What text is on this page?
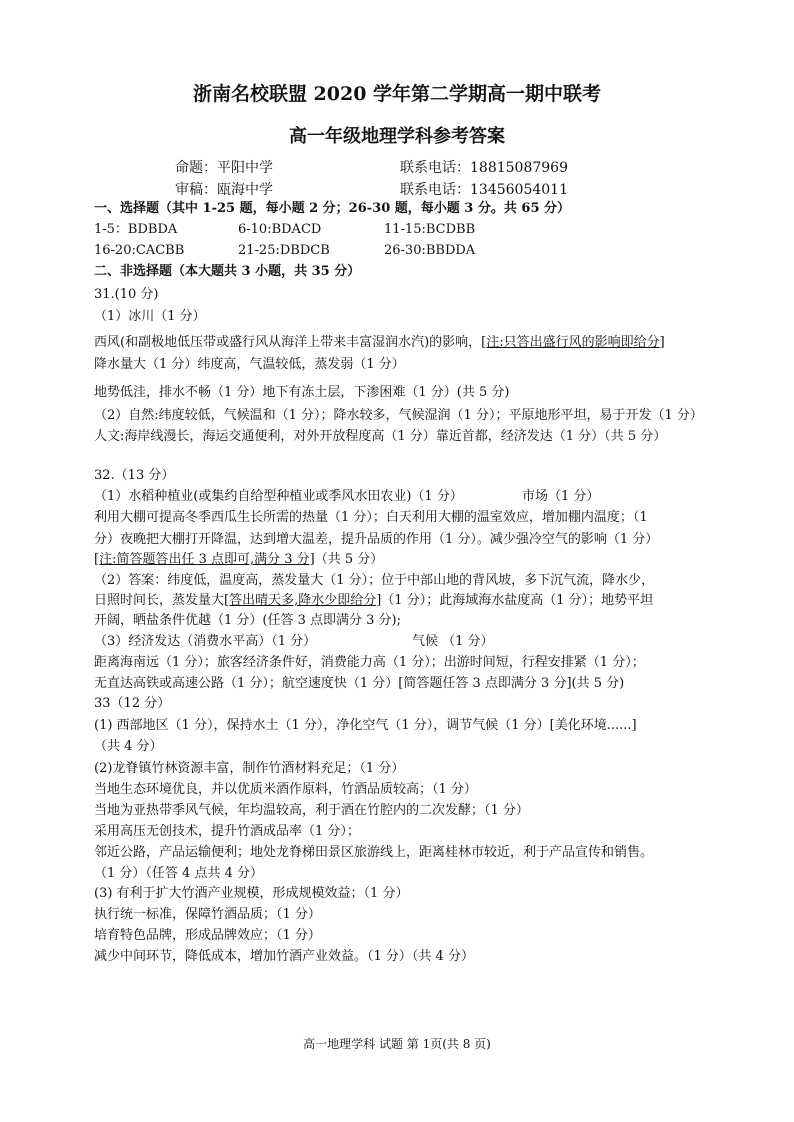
浙南名校联盟 2020 学年第二学期高一期中联考
高一年级地理学科参考答案
命题：平阳中学	联系电话：18815087969
审稿：瓯海中学	联系电话：13456054011
一、选择题（其中 1-25 题，每小题 2 分；26-30 题，每小题 3 分。共 65 分）
1-5：BDBDA	6-10:BDACD	11-15:BCDBB
16-20:CACBB	21-25:DBDCB	26-30:BBDDA
二、非选择题（本大题共 3 小题，共 35 分）
31.(10 分)
（1）冰川（1 分）
西风(和副极地低压带或盛行风从海洋上带来丰富湿润水汽)的影响，[注:只答出盛行风的影响即给分]
降水量大（1 分）纬度高，气温较低，蒸发弱（1 分）
地势低洼，排水不畅（1 分）地下有冻土层，下渗困难（1 分）(共 5 分)
（2）自然:纬度较低，气候温和（1 分）；降水较多，气候湿润（1 分）；平原地形平坦，易于开发（1 分）
人文:海岸线漫长，海运交通便利，对外开放程度高（1 分）靠近首都，经济发达（1 分）（共 5 分）
32.（13 分）
（1）水稻种植业(或集约自给型种植业或季风水田农业)（1 分）	市场（1 分）
利用大棚可提高冬季西瓜生长所需的热量（1 分）；白天利用大棚的温室效应，增加棚内温度；（1
分）夜晚把大棚打开降温，达到增大温差，提升品质的作用（1 分）。减少强冷空气的影响（1 分）
[注:简答题答出任 3 点即可,满分 3 分]（共 5 分）
（2）答案：纬度低，温度高，蒸发量大（1 分）；位于中部山地的背风坡，多下沉气流，降水少，
日照时间长，蒸发量大[答出晴天多,降水少即给分]（1 分）；此海域海水盐度高（1 分）；地势平坦
开阔，晒盐条件优越（1 分）(任答 3 点即满分 3 分);
（3）经济发达（消费水平高）（1 分）	气候 （1 分）
距离海南远（1 分）；旅客经济条件好，消费能力高（1 分）；出游时间短，行程安排紧（1 分）；
无直达高铁或高速公路（1 分）；航空速度快（1 分）[简答题任答 3 点即满分 3 分](共 5 分)
33（12 分）
(1) 西部地区（1 分），保持水土（1 分），净化空气（1 分），调节气候（1 分）[美化环境......]
（共 4 分）
(2)龙脊镇竹林资源丰富，制作竹酒材料充足；（1 分）
当地生态环境优良，并以优质米酒作原料，竹酒品质较高；（1 分）
当地为亚热带季风气候，年均温较高，利于酒在竹腔内的二次发酵；（1 分）
采用高压无创技术，提升竹酒成品率（1 分）；
邻近公路，产品运输便利；地处龙脊梯田景区旅游线上，距离桂林市较近，利于产品宣传和销售。
（1 分）（任答 4 点共 4 分）
(3) 有利于扩大竹酒产业规模，形成规模效益；（1 分）
执行统一标准，保障竹酒品质；（1 分）
培育特色品牌，形成品牌效应；（1 分）
减少中间环节，降低成本，增加竹酒产业效益。（1 分）（共 4 分）
高一地理学科 试题 第 1页(共 8 页)
